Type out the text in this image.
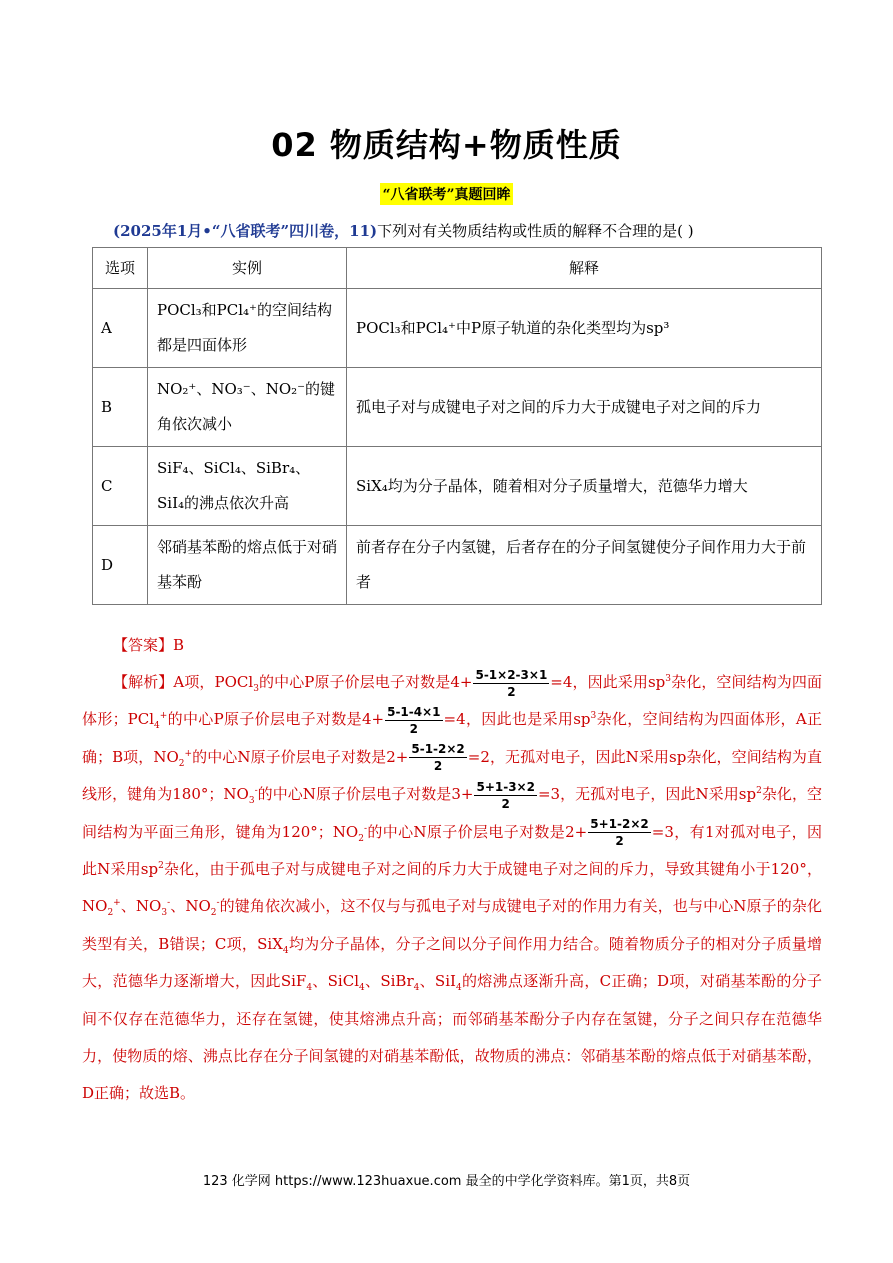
02 物质结构+物质性质
“八省联考”真题回眸
(2025年1月•“八省联考”四川卷，11)下列对有关物质结构或性质的解释不合理的是( )
选项	实例	解释
A	POCl₃和PCl₄⁺的空间结构都是四面体形	POCl₃和PCl₄⁺中P原子轨道的杂化类型均为sp³
B	NO₂⁺、NO₃⁻、NO₂⁻的键角依次减小	孤电子对与成键电子对之间的斥力大于成键电子对之间的斥力
C	SiF₄、SiCl₄、SiBr₄、SiI₄的沸点依次升高	SiX₄均为分子晶体，随着相对分子质量增大，范德华力增大
D	邻硝基苯酚的熔点低于对硝基苯酚	前者存在分子内氢键，后者存在的分子间氢键使分子间作用力大于前者
【答案】B
【解析】A项，POCl$_3$的中心P原子价层电子对数是$4+ \frac{5-1\times 2-3\times 1}{2} =4$，因此采用$sp^3$杂化，空间结构为四面体形；PCl$_4$+的中心P原子价层电子对数是$4+ \frac{5-1-4\times 1}{2} =4$，因此也是采用$sp^3$杂化，空间结构为四面体形，A正确；B项，$NO_2^+$的中心N原子价层电子对数是$2+ \frac{5-1-2\times 2}{2} =2$，无孤对电子，因此N采用sp杂化，空间结构为直线形，键角为180°；$NO_3^-$的中心N原子价层电子对数是$3+ \frac{5+1-3\times 2}{2} =3$，无孤对电子，因此N采用$sp^2$杂化，空间结构为平面三角形，键角为120°；$NO_2^-$的中心N原子价层电子对数是$2+ \frac{5+1-2\times 2}{2} =3$，有1对孤对电子，因此N采用$sp^2$杂化，由于孤电子对与成键电子对之间的斥力大于成键电子对之间的斥力，导致其键角小于120°，$NO_2^+$、$NO_3^-$、$NO_2^-$的键角依次减小，这不仅与与孤电子对与成键电子对的作用力有关，也与中心N原子的杂化类型有关，B错误；C项，SiX$_4$均为分子晶体，分子之间以分子间作用力结合。随着物质分子的相对分子质量增大，范德华力逐渐增大，因此SiF$_4$、SiCl$_4$、SiBr$_4$、SiI$_4$的熔沸点逐渐升高，C正确；D项，对硝基苯酚的分子间不仅存在范德华力，还存在氢键，使其熔沸点升高；而邻硝基苯酚分子内存在氢键，分子之间只存在范德华力，使物质的熔、沸点比存在分子间氢键的对硝基苯酚低，故物质的沸点：邻硝基苯酚的熔点低于对硝基苯酚，D正确；故选B。
123 化学网 https://www.123huaxue.com 最全的中学化学资料库。第1页，共8页
